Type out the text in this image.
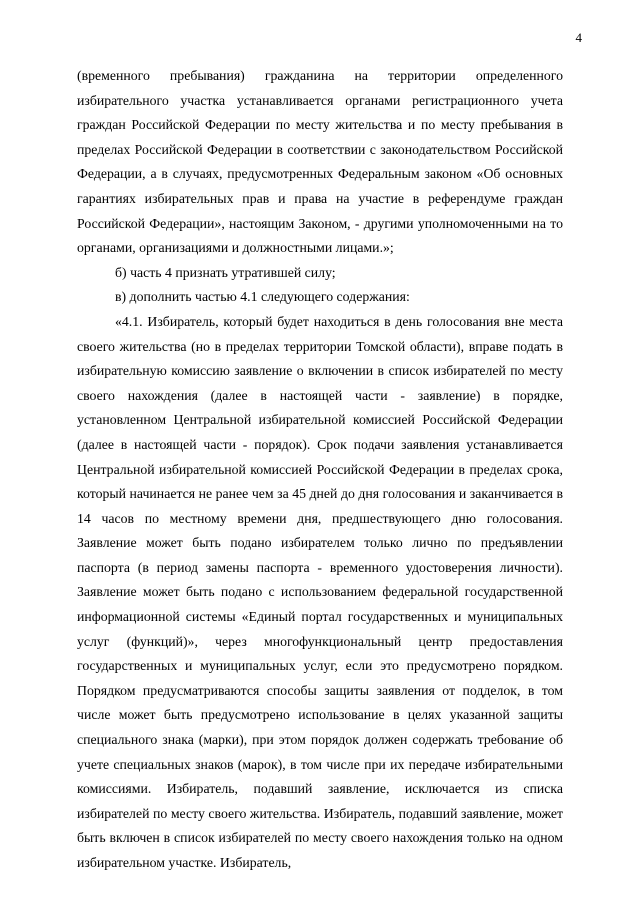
4

(временного пребывания) гражданина на территории определенного избирательного участка устанавливается органами регистрационного учета граждан Российской Федерации по месту жительства и по месту пребывания в пределах Российской Федерации в соответствии с законодательством Российской Федерации, а в случаях, предусмотренных Федеральным законом «Об основных гарантиях избирательных прав и права на участие в референдуме граждан Российской Федерации», настоящим Законом, - другими уполномоченными на то органами, организациями и должностными лицами.»;

б) часть 4 признать утратившей силу;

в) дополнить частью 4.1 следующего содержания:

«4.1. Избиратель, который будет находиться в день голосования вне места своего жительства (но в пределах территории Томской области), вправе подать в избирательную комиссию заявление о включении в список избирателей по месту своего нахождения (далее в настоящей части - заявление) в порядке, установленном Центральной избирательной комиссией Российской Федерации (далее в настоящей части - порядок). Срок подачи заявления устанавливается Центральной избирательной комиссией Российской Федерации в пределах срока, который начинается не ранее чем за 45 дней до дня голосования и заканчивается в 14 часов по местному времени дня, предшествующего дню голосования. Заявление может быть подано избирателем только лично по предъявлении паспорта (в период замены паспорта - временного удостоверения личности). Заявление может быть подано с использованием федеральной государственной информационной системы «Единый портал государственных и муниципальных услуг (функций)», через многофункциональный центр предоставления государственных и муниципальных услуг, если это предусмотрено порядком. Порядком предусматриваются способы защиты заявления от подделок, в том числе может быть предусмотрено использование в целях указанной защиты специального знака (марки), при этом порядок должен содержать требование об учете специальных знаков (марок), в том числе при их передаче избирательными комиссиями. Избиратель, подавший заявление, исключается из списка избирателей по месту своего жительства. Избиратель, подавший заявление, может быть включен в список избирателей по месту своего нахождения только на одном избирательном участке. Избиратель,
